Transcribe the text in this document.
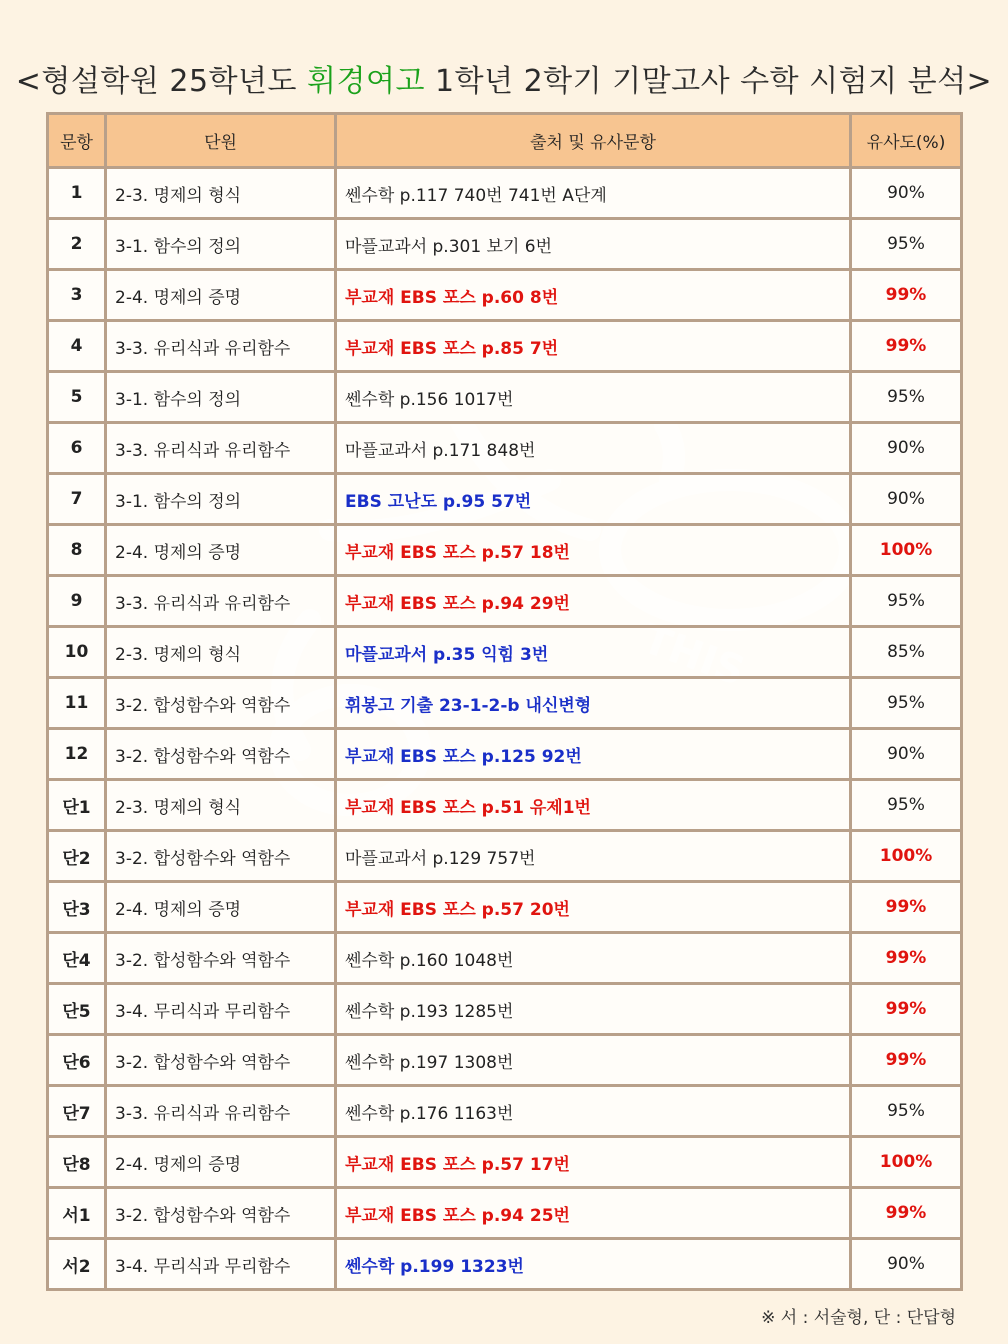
<형설학원 25학년도 휘경여고 1학년 2학기 기말고사 수학 시험지 분석>
문항	단원	출처 및 유사문항	유사도(%)
1	2-3. 명제의 형식	쎈수학 p.117 740번 741번 A단계	90%
2	3-1. 함수의 정의	마플교과서 p.301 보기 6번	95%
3	2-4. 명제의 증명	부교재 EBS 포스 p.60 8번	99%
4	3-3. 유리식과 유리함수	부교재 EBS 포스 p.85 7번	99%
5	3-1. 함수의 정의	쎈수학 p.156 1017번	95%
6	3-3. 유리식과 유리함수	마플교과서 p.171 848번	90%
7	3-1. 함수의 정의	EBS 고난도 p.95 57번	90%
8	2-4. 명제의 증명	부교재 EBS 포스 p.57 18번	100%
9	3-3. 유리식과 유리함수	부교재 EBS 포스 p.94 29번	95%
10	2-3. 명제의 형식	마플교과서 p.35 익힘 3번	85%
11	3-2. 합성함수와 역함수	휘봉고 기출 23-1-2-b 내신변형	95%
12	3-2. 합성함수와 역함수	부교재 EBS 포스 p.125 92번	90%
단1	2-3. 명제의 형식	부교재 EBS 포스 p.51 유제1번	95%
단2	3-2. 합성함수와 역함수	마플교과서 p.129 757번	100%
단3	2-4. 명제의 증명	부교재 EBS 포스 p.57 20번	99%
단4	3-2. 합성함수와 역함수	쎈수학 p.160 1048번	99%
단5	3-4. 무리식과 무리함수	쎈수학 p.193 1285번	99%
단6	3-2. 합성함수와 역함수	쎈수학 p.197 1308번	99%
단7	3-3. 유리식과 유리함수	쎈수학 p.176 1163번	95%
단8	2-4. 명제의 증명	부교재 EBS 포스 p.57 17번	100%
서1	3-2. 합성함수와 역함수	부교재 EBS 포스 p.94 25번	99%
서2	3-4. 무리식과 무리함수	쎈수학 p.199 1323번	90%
※ 서 : 서술형, 단 : 단답형
